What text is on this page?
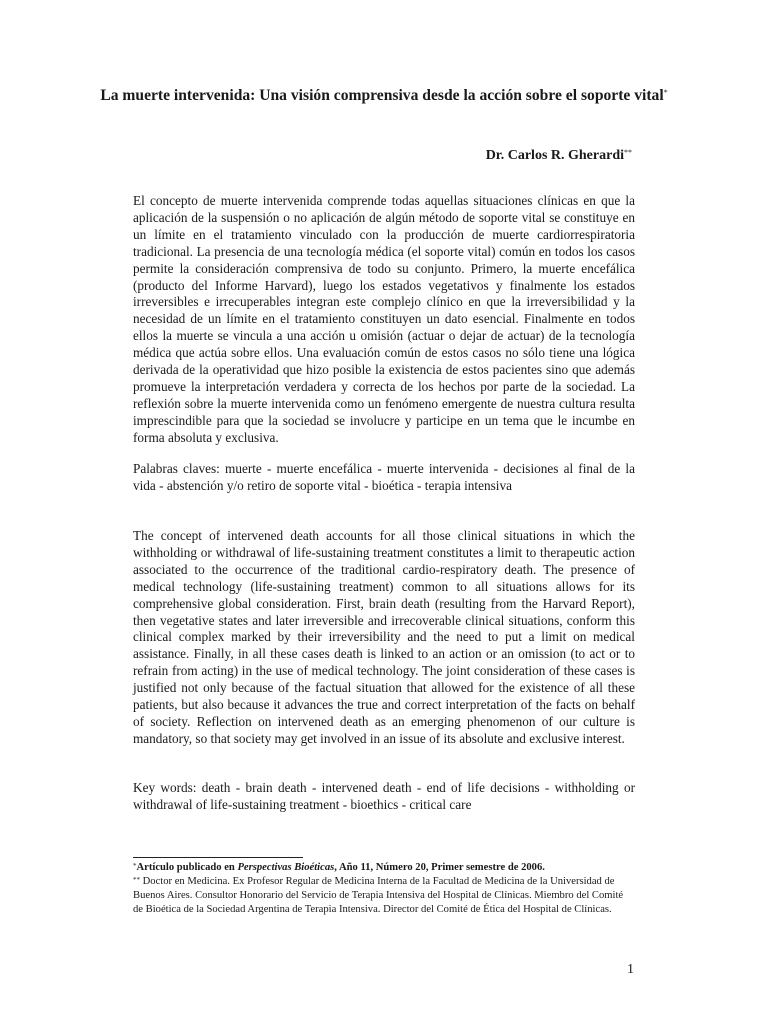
La muerte intervenida: Una visión comprensiva desde la acción sobre el soporte vital*
Dr. Carlos R. Gherardi**
El concepto de muerte intervenida comprende todas aquellas situaciones clínicas en que la aplicación de la suspensión o no aplicación de algún método de soporte vital se constituye en un límite en el tratamiento vinculado con la producción de muerte cardiorrespiratoria tradicional. La presencia de una tecnología médica (el soporte vital) común en todos los casos permite la consideración comprensiva de todo su conjunto. Primero, la muerte encefálica (producto del Informe Harvard), luego los estados vegetativos y finalmente los estados irreversibles e irrecuperables integran este complejo clínico en que la irreversibilidad y la necesidad de un límite en el tratamiento constituyen un dato esencial. Finalmente en todos ellos la muerte se vincula a una acción u omisión (actuar o dejar de actuar) de la tecnología médica que actúa sobre ellos. Una evaluación común de estos casos no sólo tiene una lógica derivada de la operatividad que hizo posible la existencia de estos pacientes sino que además promueve la interpretación verdadera y correcta de los hechos por parte de la sociedad. La reflexión sobre la muerte intervenida como un fenómeno emergente de nuestra cultura resulta imprescindible para que la sociedad se involucre y participe en un tema que le incumbe en forma absoluta y exclusiva.
Palabras claves: muerte - muerte encefálica - muerte intervenida - decisiones al final de la vida - abstención y/o retiro de soporte vital - bioética - terapia intensiva
The concept of intervened death accounts for all those clinical situations in which the withholding or withdrawal of life-sustaining treatment constitutes a limit to therapeutic action associated to the occurrence of the traditional cardio-respiratory death. The presence of medical technology (life-sustaining treatment) common to all situations allows for its comprehensive global consideration. First, brain death (resulting from the Harvard Report), then vegetative states and later irreversible and irrecoverable clinical situations, conform this clinical complex marked by their irreversibility and the need to put a limit on medical assistance. Finally, in all these cases death is linked to an action or an omission (to act or to refrain from acting) in the use of medical technology. The joint consideration of these cases is justified not only because of the factual situation that allowed for the existence of all these patients, but also because it advances the true and correct interpretation of the facts on behalf of society. Reflection on intervened death as an emerging phenomenon of our culture is mandatory, so that society may get involved in an issue of its absolute and exclusive interest.
Key words: death - brain death - intervened death - end of life decisions - withholding or withdrawal of life-sustaining treatment - bioethics - critical care
*Artículo publicado en Perspectivas Bioéticas, Año 11, Número 20, Primer semestre de 2006.
** Doctor en Medicina. Ex Profesor Regular de Medicina Interna de la Facultad de Medicina de la Universidad de Buenos Aires. Consultor Honorario del Servicio de Terapia Intensiva del Hospital de Clínicas. Miembro del Comité de Bioética de la Sociedad Argentina de Terapia Intensiva. Director del Comité de Ética del Hospital de Clínicas.
1
